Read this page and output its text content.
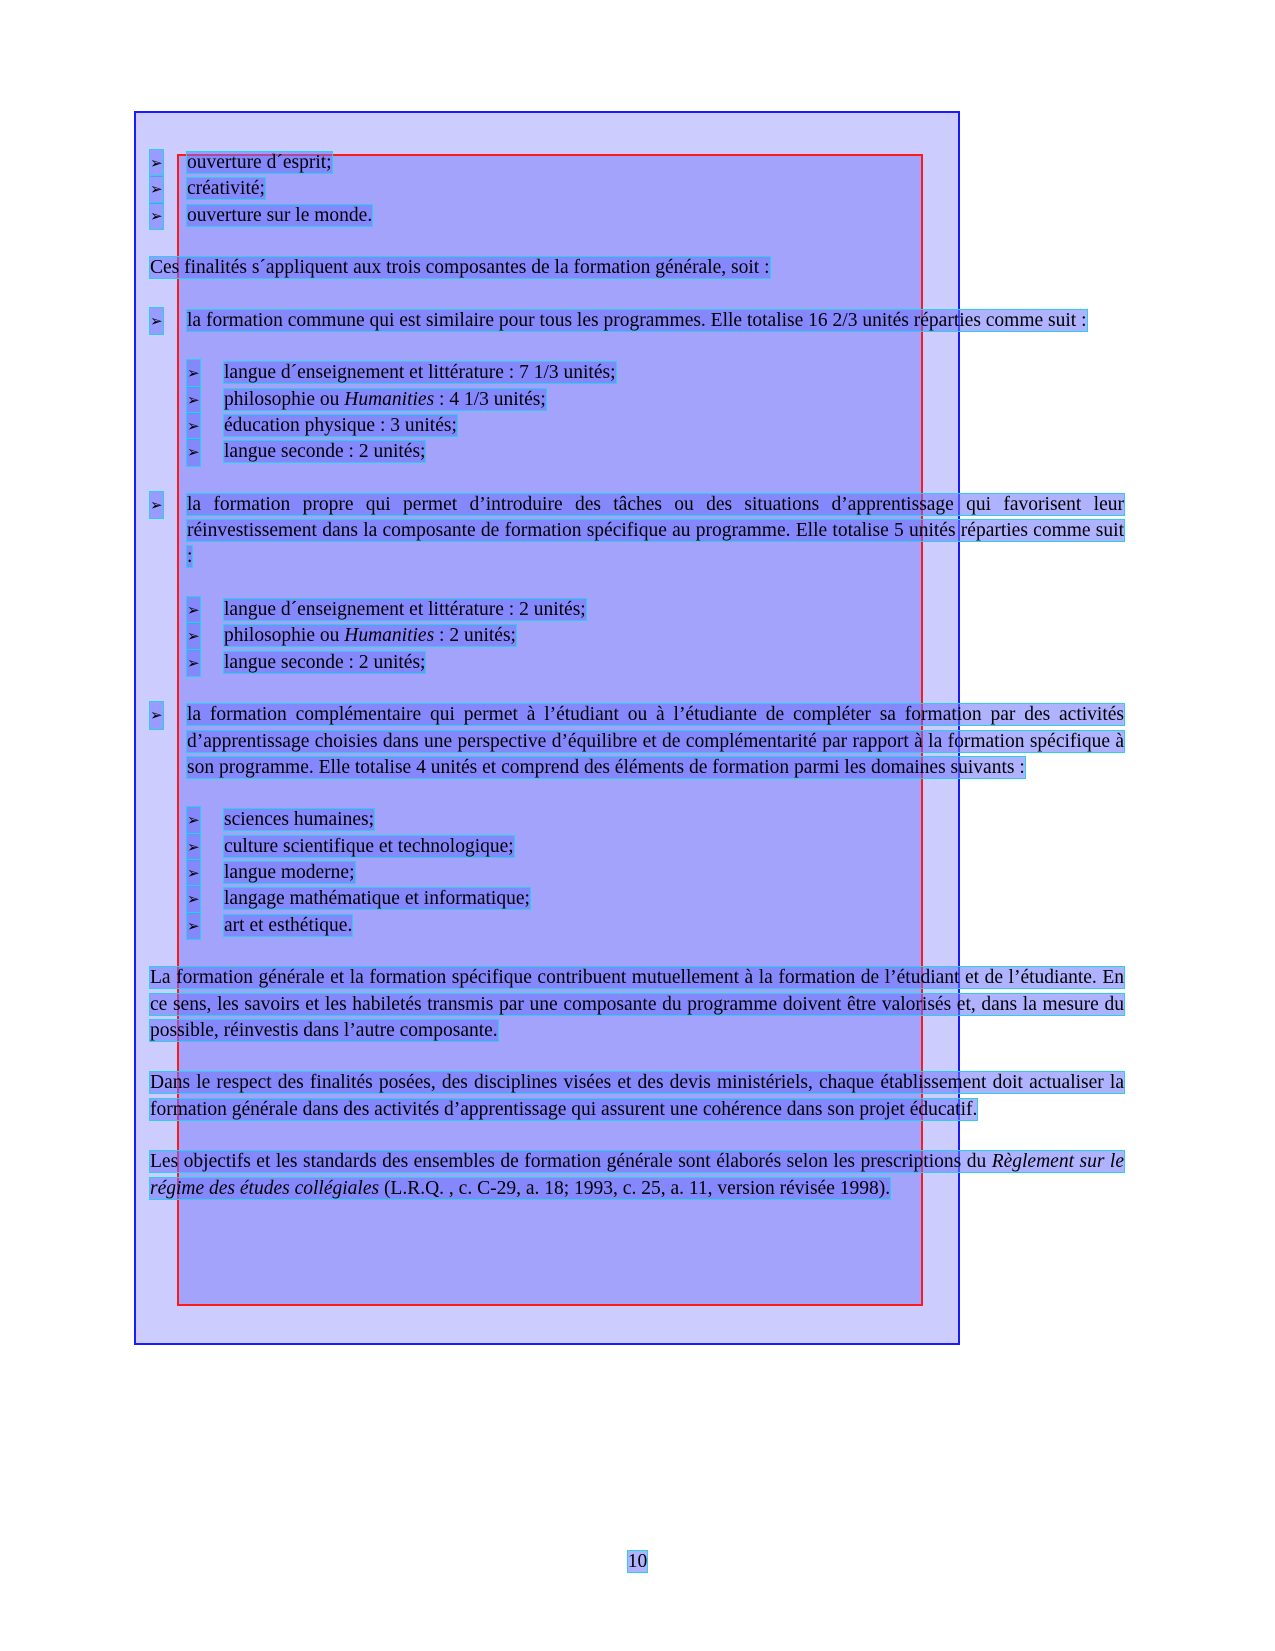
➢	ouverture d´esprit;
➢	créativité;
➢	ouverture sur le monde.

Ces finalités s´appliquent aux trois composantes de la formation générale, soit :

➢	la formation commune qui est similaire pour tous les programmes. Elle totalise 16 2/3 unités réparties comme suit :
➢	langue d´enseignement et littérature : 7 1/3 unités;
➢	philosophie ou Humanities : 4 1/3 unités;
➢	éducation physique : 3 unités;
➢	langue seconde : 2 unités;
➢	la formation propre qui permet d’introduire des tâches ou des situations d’apprentissage qui favorisent leur réinvestissement dans la composante de formation spécifique au programme. Elle totalise 5 unités réparties comme suit :
➢	langue d´enseignement et littérature : 2 unités;
➢	philosophie ou Humanities : 2 unités;
➢	langue seconde : 2 unités;
➢	la formation complémentaire qui permet à l’étudiant ou à l’étudiante de compléter sa formation par des activités d’apprentissage choisies dans une perspective d’équilibre et de complémentarité par rapport à la formation spécifique à son programme. Elle totalise 4 unités et comprend des éléments de formation parmi les domaines suivants :
➢	sciences humaines;
➢	culture scientifique et technologique;
➢	langue moderne;
➢	langage mathématique et informatique;
➢	art et esthétique.

La formation générale et la formation spécifique contribuent mutuellement à la formation de l’étudiant et de l’étudiante. En ce sens, les savoirs et les habiletés transmis par une composante du programme doivent être valorisés et, dans la mesure du possible, réinvestis dans l’autre composante.

Dans le respect des finalités posées, des disciplines visées et des devis ministériels, chaque établissement doit actualiser la formation générale dans des activités d’apprentissage qui assurent une cohérence dans son projet éducatif.

Les objectifs et les standards des ensembles de formation générale sont élaborés selon les prescriptions du Règlement sur le régime des études collégiales (L.R.Q. , c. C-29, a. 18; 1993, c. 25, a. 11, version révisée 1998).

10
